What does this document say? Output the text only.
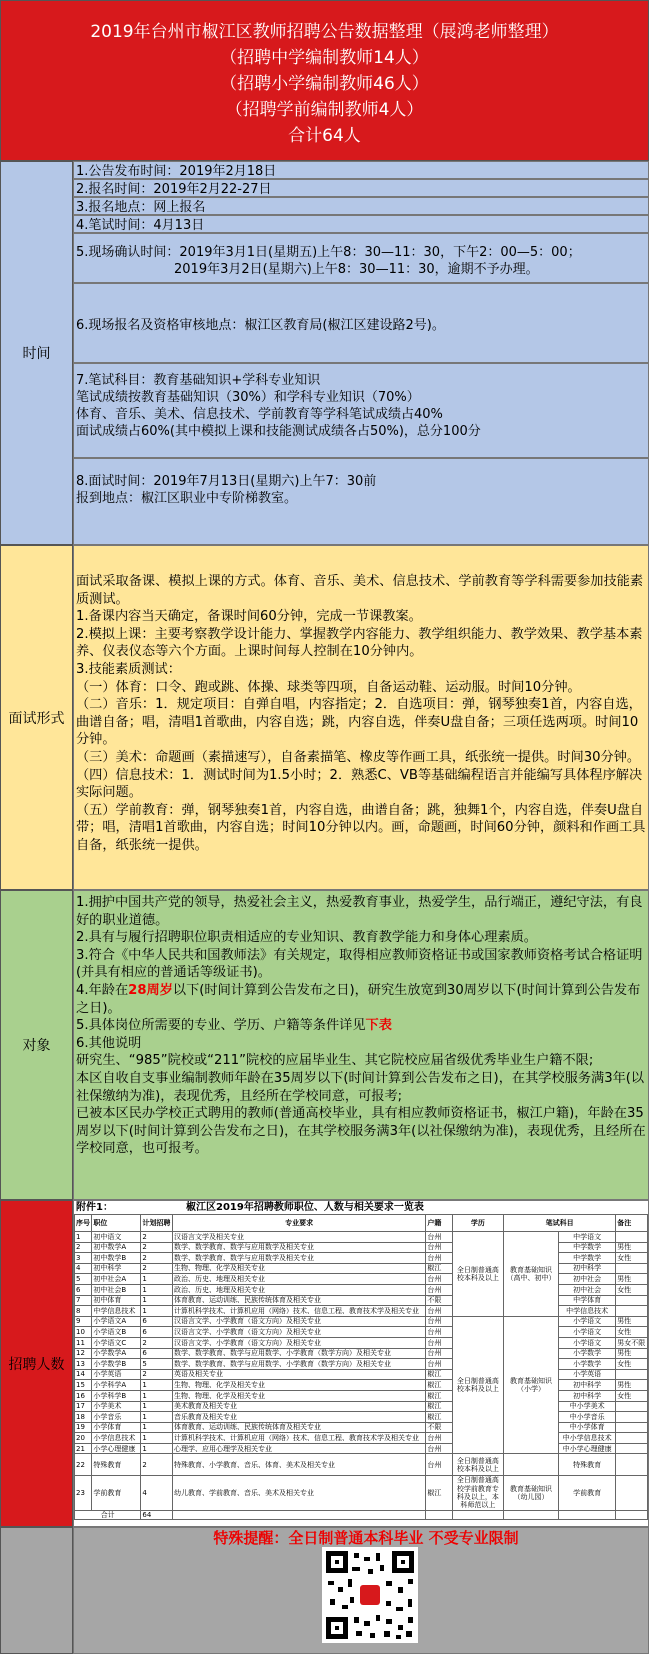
2019年台州市椒江区教师招聘公告数据整理（展鸿老师整理）
（招聘中学编制教师14人）
（招聘小学编制教师46人）
（招聘学前编制教师4人）
合计64人
时间
1.公告发布时间：2019年2月18日
2.报名时间：2019年2月22-27日
3.报名地点：网上报名
4.笔试时间：4月13日
5.现场确认时间：2019年3月1日(星期五)上午8：30—11：30，下午2：00—5：00；
2019年3月2日(星期六)上午8：30—11：30，逾期不予办理。
6.现场报名及资格审核地点：椒江区教育局(椒江区建设路2号)。
7.笔试科目：教育基础知识+学科专业知识
笔试成绩按教育基础知识（30%）和学科专业知识（70%）
体育、音乐、美术、信息技术、学前教育等学科笔试成绩占40%
面试成绩占60%(其中模拟上课和技能测试成绩各占50%)，总分100分
8.面试时间：2019年7月13日(星期六)上午7：30前
报到地点：椒江区职业中专阶梯教室。
面试形式
面试采取备课、模拟上课的方式。体育、音乐、美术、信息技术、学前教育等学科需要参加技能素质测试。
1.备课内容当天确定，备课时间60分钟，完成一节课教案。
2.模拟上课：主要考察教学设计能力、掌握教学内容能力、教学组织能力、教学效果、教学基本素养、仪表仪态等六个方面。上课时间每人控制在10分钟内。
3.技能素质测试：
（一）体育：口令、跑或跳、体操、球类等四项，自备运动鞋、运动服。时间10分钟。
（二）音乐：1．规定项目：自弹自唱，内容指定；2．自选项目：弹，钢琴独奏1首，内容自选，曲谱自备；唱，清唱1首歌曲，内容自选；跳，内容自选，伴奏U盘自备；三项任选两项。时间10分钟。
（三）美术：命题画（素描速写），自备素描笔、橡皮等作画工具，纸张统一提供。时间30分钟。
（四）信息技术：1．测试时间为1.5小时；2．熟悉C、VB等基础编程语言并能编写具体程序解决实际问题。
（五）学前教育：弹，钢琴独奏1首，内容自选，曲谱自备；跳，独舞1个，内容自选，伴奏U盘自带；唱，清唱1首歌曲，内容自选；时间10分钟以内。画，命题画，时间60分钟，颜料和作画工具自备，纸张统一提供。
对象
1.拥护中国共产党的领导，热爱社会主义，热爱教育事业，热爱学生，品行端正，遵纪守法，有良好的职业道德。
2.具有与履行招聘职位职责相适应的专业知识、教育教学能力和身体心理素质。
3.符合《中华人民共和国教师法》有关规定，取得相应教师资格证书或国家教师资格考试合格证明(并具有相应的普通话等级证书)。
4.年龄在28周岁以下(时间计算到公告发布之日)，研究生放宽到30周岁以下(时间计算到公告发布之日)。
5.具体岗位所需要的专业、学历、户籍等条件详见下表
6.其他说明
研究生、“985”院校或“211”院校的应届毕业生、其它院校应届省级优秀毕业生户籍不限;
本区自收自支事业编制教师年龄在35周岁以下(时间计算到公告发布之日)，在其学校服务满3年(以社保缴纳为准)，表现优秀，且经所在学校同意，可报考;
已被本区民办学校正式聘用的教师(普通高校毕业，具有相应教师资格证书，椒江户籍)，年龄在35周岁以下(时间计算到公告发布之日)，在其学校服务满3年(以社保缴纳为准)，表现优秀，且经所在学校同意，也可报考。
招聘人数
附件1：	椒江区2019年招聘教师职位、人数与相关要求一览表
序号	职位	计划招聘	专业要求	户籍	学历	笔试科目		备注
1	初中语文	2	汉语言文学及相关专业	台州	全日制普通高校本科及以上	教育基础知识（高中、初中）	中学语文	
2	初中数学A	2	数学、数学教育、数学与应用数学及相关专业	台州			中学数学	男性
3	初中数学B	2	数学、数学教育、数学与应用数学及相关专业	台州			中学数学	女性
4	初中科学	2	生物、物理、化学及相关专业	椒江			初中科学	
5	初中社会A	1	政治、历史、地理及相关专业	台州			初中社会	男性
6	初中社会B	1	政治、历史、地理及相关专业	台州			初中社会	女性
7	初中体育	1	体育教育、运动训练、民族传统体育及相关专业	不限			中学体育	
8	中学信息技术	1	计算机科学技术、计算机应用（网络）技术、信息工程、教育技术学及相关专业	台州			中学信息技术	
9	小学语文A	6	汉语言文学、小学教育（语文方向）及相关专业	台州	全日制普通高校本科及以上	教育基础知识（小学）	小学语文	男性
10	小学语文B	6	汉语言文学、小学教育（语文方向）及相关专业	台州			小学语文	女性
11	小学语文C	2	汉语言文学、小学教育（语文方向）及相关专业	台州			小学语文	男女不限
12	小学数学A	6	数学、数学教育、数学与应用数学、小学教育（数学方向）及相关专业	台州			小学数学	男性
13	小学数学B	5	数学、数学教育、数学与应用数学、小学教育（数学方向）及相关专业	台州			小学数学	女性
14	小学英语	2	英语及相关专业	椒江			小学英语	
15	小学科学A	1	生物、物理、化学及相关专业	椒江			初中科学	男性
16	小学科学B	1	生物、物理、化学及相关专业	椒江			初中科学	女性
17	小学美术	1	美术教育及相关专业	椒江			中小学美术	
18	小学音乐	1	音乐教育及相关专业	椒江			中小学音乐	
19	小学体育	1	体育教育、运动训练、民族传统体育及相关专业	不限			中小学体育	
20	小学信息技术	1	计算机科学技术、计算机应用（网络）技术、信息工程、教育技术学及相关专业	台州			中小学信息技术	
21	小学心理健康	1	心理学、应用心理学及相关专业	台州			中小学心理健康	
22	特殊教育	2	特殊教育、小学教育、音乐、体育、美术及相关专业	台州	全日制普通高校本科及以上		特殊教育	
23	学前教育	4	幼儿教育、学前教育、音乐、美术及相关专业	椒江	全日制普通高校学前教育专科及以上，本科师范以上	教育基础知识（幼儿园）	学前教育	
合计		64						
特殊提醒：全日制普通本科毕业 不受专业限制
